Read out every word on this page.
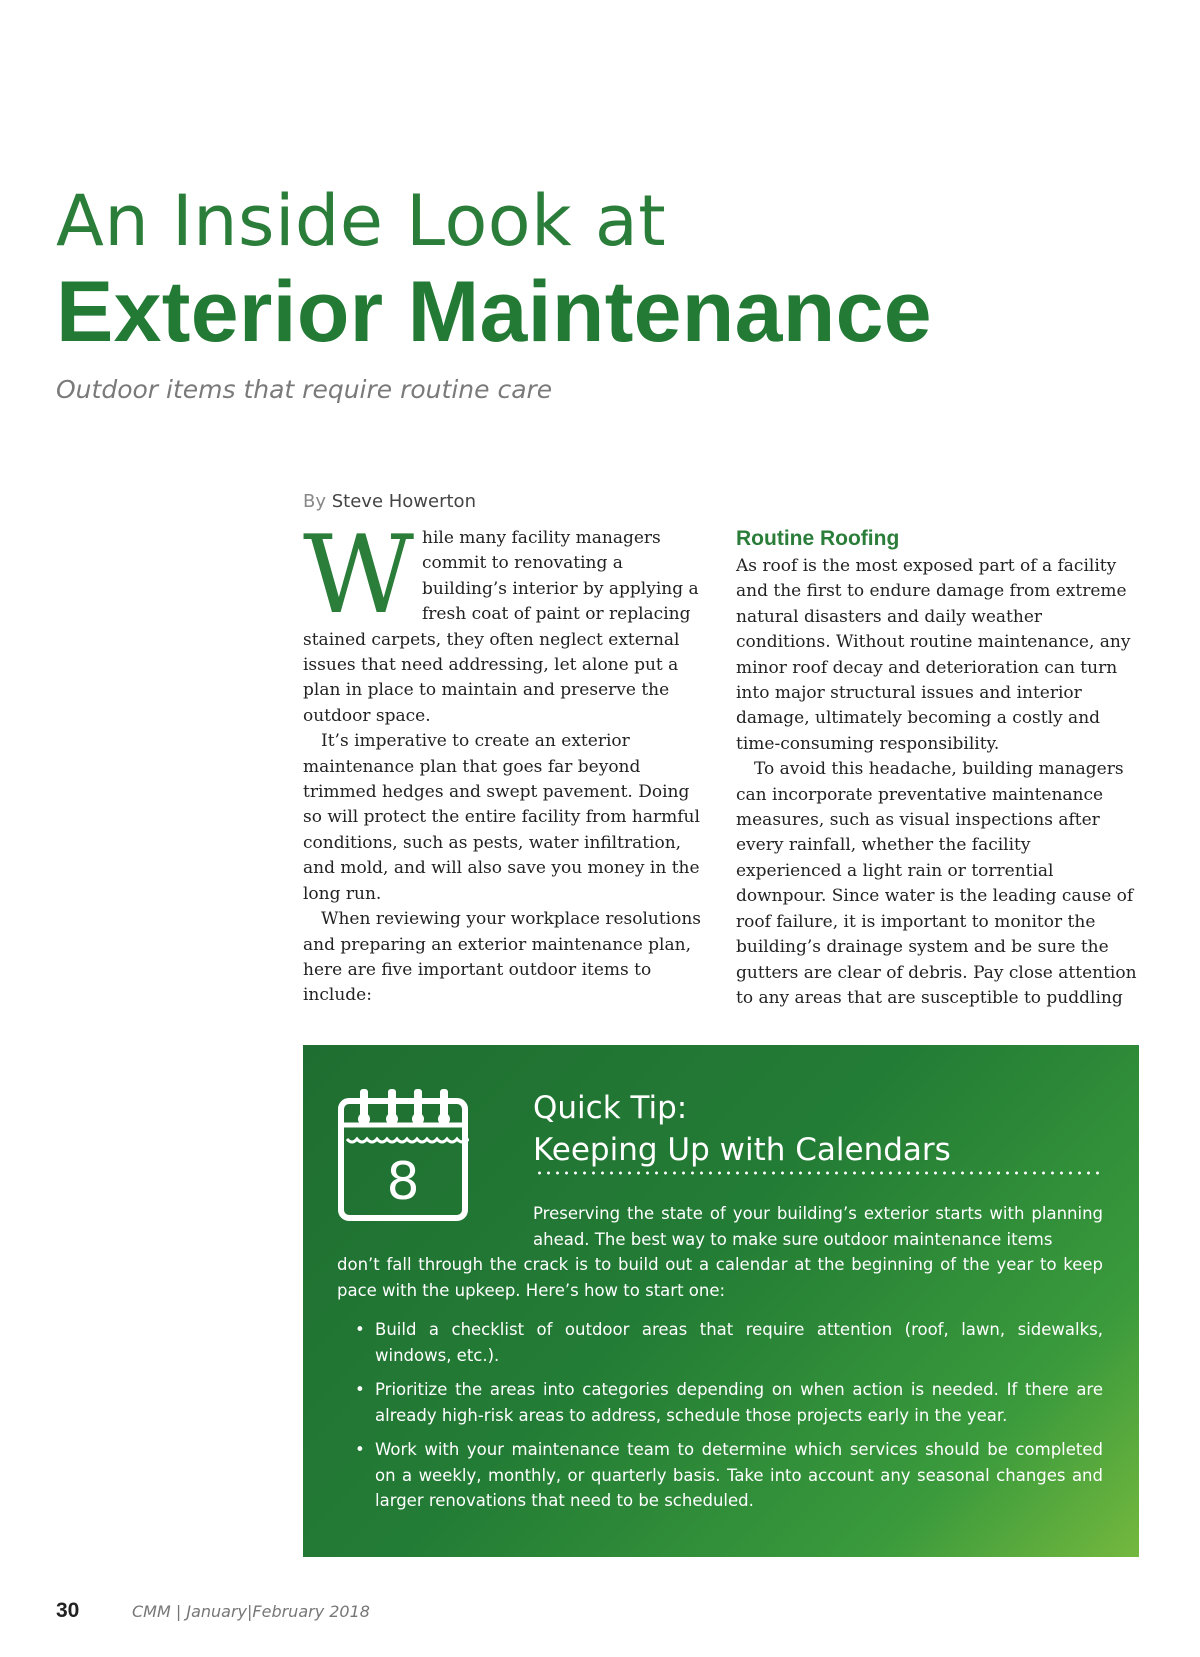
An Inside Look at
Exterior Maintenance
Outdoor items that require routine care
By Steve Howerton

While many facility managers commit to renovating a building’s interior by applying a fresh coat of paint or replacing stained carpets, they often neglect external issues that need addressing, let alone put a plan in place to maintain and preserve the outdoor space.

It’s imperative to create an exterior maintenance plan that goes far beyond trimmed hedges and swept pavement. Doing so will protect the entire facility from harmful conditions, such as pests, water infiltration, and mold, and will also save you money in the long run.

When reviewing your workplace resolutions and preparing an exterior maintenance plan, here are five important outdoor items to include:

Routine Roofing

As roof is the most exposed part of a facility and the first to endure damage from extreme natural disasters and daily weather conditions. Without routine maintenance, any minor roof decay and deterioration can turn into major structural issues and interior damage, ultimately becoming a costly and time-consuming responsibility.

To avoid this headache, building managers can incorporate preventative maintenance measures, such as visual inspections after every rainfall, whether the facility experienced a light rain or torrential downpour. Since water is the leading cause of roof failure, it is important to monitor the building’s drainage system and be sure the gutters are clear of debris. Pay close attention to any areas that are susceptible to puddling

8
Quick Tip:
Keeping Up with Calendars
Preserving the state of your building’s exterior starts with planning ahead. The best way to make sure outdoor maintenance items
don’t fall through the crack is to build out a calendar at the beginning of the year to keep pace with the upkeep. Here’s how to start one:
• Build a checklist of outdoor areas that require attention (roof, lawn, sidewalks, windows, etc.).
• Prioritize the areas into categories depending on when action is needed. If there are already high-risk areas to address, schedule those projects early in the year.
• Work with your maintenance team to determine which services should be completed on a weekly, monthly, or quarterly basis. Take into account any seasonal changes and larger renovations that need to be scheduled.
30	CMM | January|February 2018
